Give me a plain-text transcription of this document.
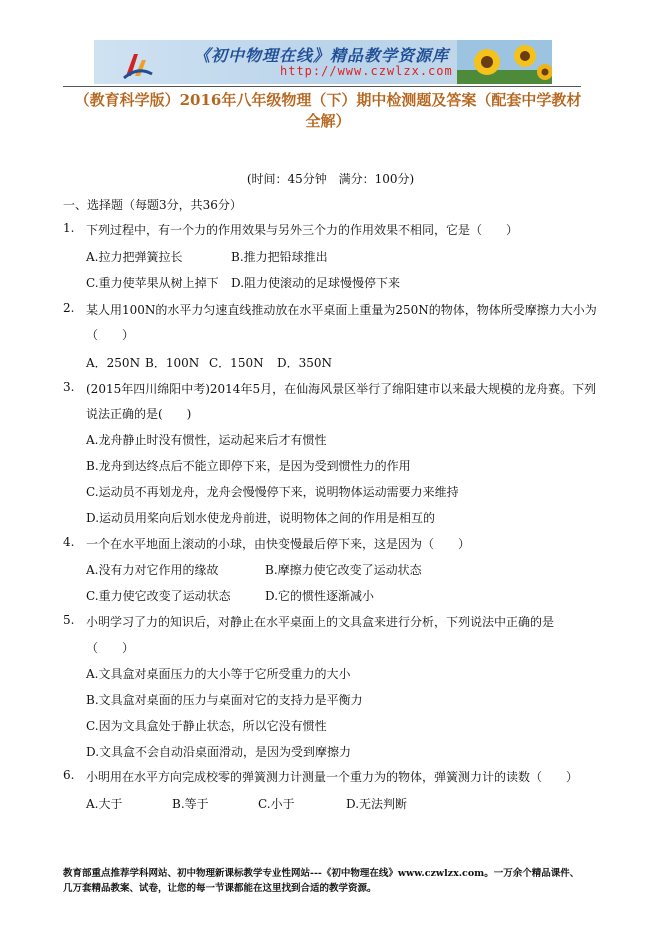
《初中物理在线》精品教学资源库
http://www.czwlzx.com
（教育科学版）2016年八年级物理（下）期中检测题及答案（配套中学教材
全解）
(时间：45分钟 满分：100分)
一、选择题（每题3分，共36分）
1. 下列过程中，有一个力的作用效果与另外三个力的作用效果不相同，它是（　　）
A.拉力把弹簧拉长	B.推力把铅球推出
C.重力使苹果从树上掉下 D.阻力使滚动的足球慢慢停下来
2. 某人用100N的水平力匀速直线推动放在水平桌面上重量为250N的物体，物体所受摩擦力大小为
（　　）
A．250N B．100N C．150N D．350N
3. (2015年四川绵阳中考)2014年5月，在仙海风景区举行了绵阳建市以来最大规模的龙舟赛。下列
说法正确的是(　　)
A.龙舟静止时没有惯性，运动起来后才有惯性
B.龙舟到达终点后不能立即停下来，是因为受到惯性力的作用
C.运动员不再划龙舟，龙舟会慢慢停下来，说明物体运动需要力来维持
D.运动员用桨向后划水使龙舟前进，说明物体之间的作用是相互的
4. 一个在水平地面上滚动的小球，由快变慢最后停下来，这是因为（　　）
A.没有力对它作用的缘故	B.摩擦力使它改变了运动状态
C.重力使它改变了运动状态	D.它的惯性逐渐减小
5. 小明学习了力的知识后，对静止在水平桌面上的文具盒来进行分析，下列说法中正确的是
（　　）
A.文具盒对桌面压力的大小等于它所受重力的大小
B.文具盒对桌面的压力与桌面对它的支持力是平衡力
C.因为文具盒处于静止状态，所以它没有惯性
D.文具盒不会自动沿桌面滑动，是因为受到摩擦力
6. 小明用在水平方向完成校零的弹簧测力计测量一个重力为的物体，弹簧测力计的读数（　　）
A.大于	B.等于	C.小于	D.无法判断
教育部重点推荐学科网站、初中物理新课标教学专业性网站---《初中物理在线》www.czwlzx.com。一万余个精品课件、
几万套精品教案、试卷，让您的每一节课都能在这里找到合适的教学资源。
